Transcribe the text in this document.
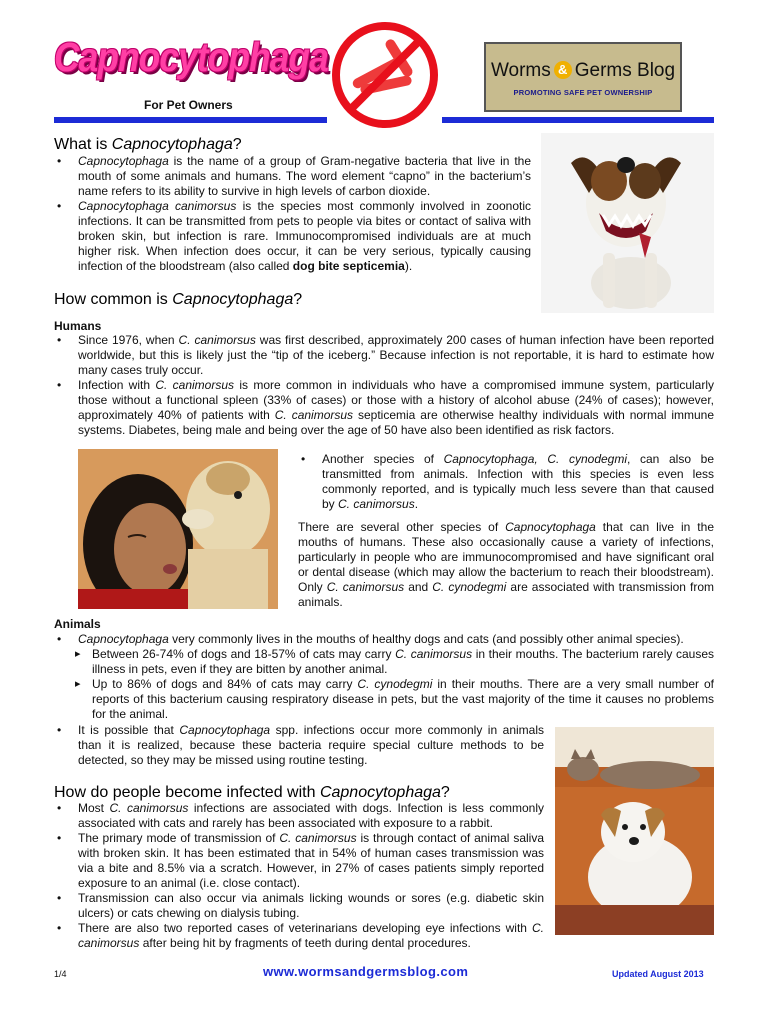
Capnocytophaga
For Pet Owners
Worms & Germs Blog
PROMOTING SAFE PET OWNERSHIP
What is Capnocytophaga?
• Capnocytophaga is the name of a group of Gram-negative bacteria that live in the mouth of some animals and humans. The word element “capno” in the bacterium’s name refers to its ability to survive in high levels of carbon dioxide.
• Capnocytophaga canimorsus is the species most commonly involved in zoonotic infections. It can be transmitted from pets to people via bites or contact of saliva with broken skin, but infection is rare. Immunocompromised individuals are at much higher risk. When infection does occur, it can be very serious, typically causing infection of the bloodstream (also called dog bite septicemia).
How common is Capnocytophaga?
Humans
• Since 1976, when C. canimorsus was first described, approximately 200 cases of human infection have been reported worldwide, but this is likely just the “tip of the iceberg.” Because infection is not reportable, it is hard to estimate how many cases truly occur.
• Infection with C. canimorsus is more common in individuals who have a compromised immune system, particularly those without a functional spleen (33% of cases) or those with a history of alcohol abuse (24% of cases); however, approximately 40% of patients with C. canimorsus septicemia are otherwise healthy individuals with normal immune systems. Diabetes, being male and being over the age of 50 have also been identified as risk factors.
• Another species of Capnocytophaga, C. cynodegmi, can also be transmitted from animals. Infection with this species is even less commonly reported, and is typically much less severe than that caused by C. canimorsus.

There are several other species of Capnocytophaga that can live in the mouths of humans. These also occasionally cause a variety of infections, particularly in people who are immunocompromised and have significant oral or dental disease (which may allow the bacterium to reach their bloodstream). Only C. canimorsus and C. cynodegmi are associated with transmission from animals.

Animals
• Capnocytophaga very commonly lives in the mouths of healthy dogs and cats (and possibly other animal species).
▸ Between 26-74% of dogs and 18-57% of cats may carry C. canimorsus in their mouths. The bacterium rarely causes illness in pets, even if they are bitten by another animal.
▸ Up to 86% of dogs and 84% of cats may carry C. cynodegmi in their mouths. There are a very small number of reports of this bacterium causing respiratory disease in pets, but the vast majority of the time it causes no problems for the animal.
• It is possible that Capnocytophaga spp. infections occur more commonly in animals than it is realized, because these bacteria require special culture methods to be detected, so they may be missed using routine testing.
How do people become infected with Capnocytophaga?
• Most C. canimorsus infections are associated with dogs. Infection is less commonly associated with cats and rarely has been associated with exposure to a rabbit.
• The primary mode of transmission of C. canimorsus is through contact of animal saliva with broken skin. It has been estimated that in 54% of human cases transmission was via a bite and 8.5% via a scratch. However, in 27% of cases patients simply reported exposure to an animal (i.e. close contact).
• Transmission can also occur via animals licking wounds or sores (e.g. diabetic skin ulcers) or cats chewing on dialysis tubing.
• There are also two reported cases of veterinarians developing eye infections with C. canimorsus after being hit by fragments of teeth during dental procedures.
1/4	www.wormsandgermsblog.com	Updated August 2013
